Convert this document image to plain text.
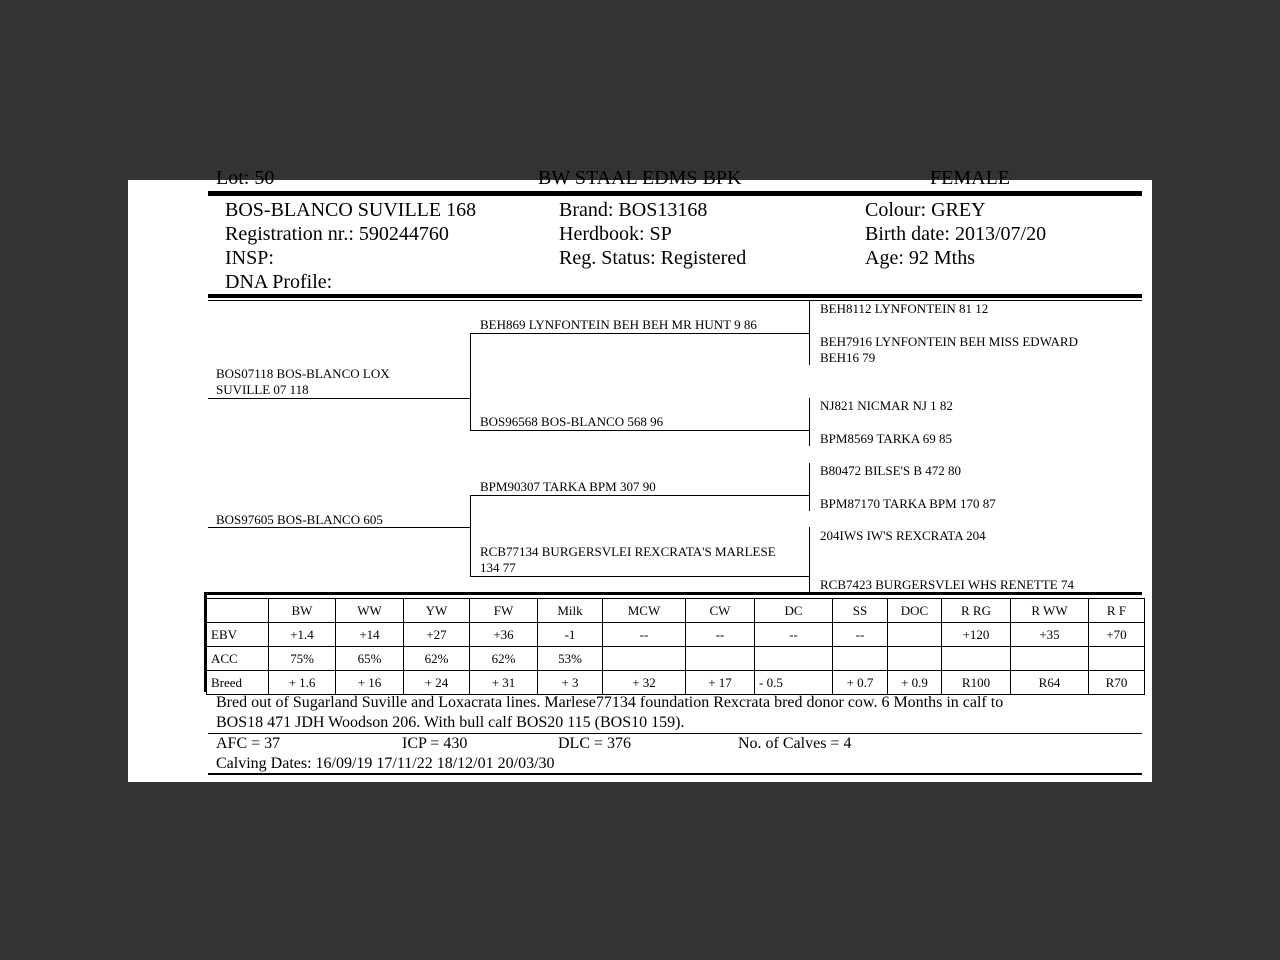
Lot: 50	BW STAAL EDMS BPK	FEMALE
BOS-BLANCO SUVILLE 168
Registration nr.: 590244760
INSP:
DNA Profile:
Brand: BOS13168
Herdbook: SP
Reg. Status: Registered
Colour: GREY
Birth date: 2013/07/20
Age: 92 Mths
BOS07118 BOS-BLANCO LOX SUVILLE 07 118
BOS97605 BOS-BLANCO 605
BEH869 LYNFONTEIN BEH BEH MR HUNT 9 86
BOS96568 BOS-BLANCO 568 96
BPM90307 TARKA BPM 307 90
RCB77134 BURGERSVLEI REXCRATA'S MARLESE 134 77
BEH8112 LYNFONTEIN 81 12
BEH7916 LYNFONTEIN BEH MISS EDWARD BEH16 79
NJ821 NICMAR NJ 1 82
BPM8569 TARKA 69 85
B80472 BILSE'S B 472 80
BPM87170 TARKA BPM 170 87
204IWS IW'S REXCRATA 204
RCB7423 BURGERSVLEI WHS RENETTE 74
	BW	WW	YW	FW	Milk	MCW	CW	DC	SS	DOC	R RG	R WW	R F
EBV	+1.4	+14	+27	+36	-1	--	--	--	--		+120	+35	+70
ACC	75%	65%	62%	62%	53%								
Breed	+ 1.6	+ 16	+ 24	+ 31	+ 3	+ 32	+ 17	- 0.5	+ 0.7	+ 0.9	R100	R64	R70
Bred out of Sugarland Suville and Loxacrata lines. Marlese77134 foundation Rexcrata bred donor cow. 6 Months in calf to
BOS18 471 JDH Woodson 206. With bull calf BOS20 115 (BOS10 159).
AFC = 37	ICP = 430	DLC = 376	No. of Calves = 4
Calving Dates: 16/09/19 17/11/22 18/12/01 20/03/30
